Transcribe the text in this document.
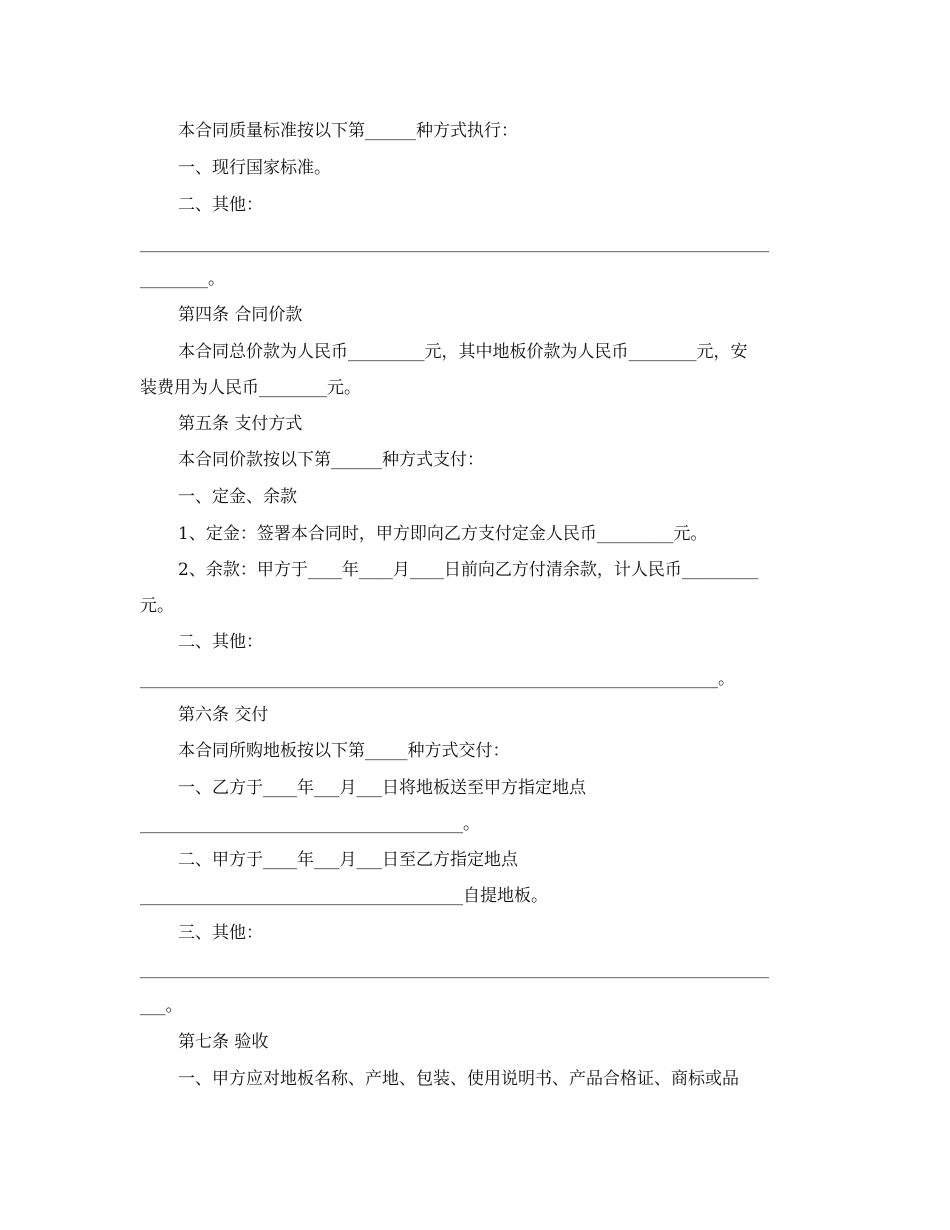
本合同质量标准按以下第______种方式执行：
一、现行国家标准。
二、其他：
__________________________________________________________________________
________。
第四条 合同价款
本合同总价款为人民币_________元，其中地板价款为人民币________元，安
装费用为人民币________元。
第五条 支付方式
本合同价款按以下第______种方式支付：
一、定金、余款
1、定金：签署本合同时，甲方即向乙方支付定金人民币_________元。
2、余款：甲方于____年____月____日前向乙方付清余款，计人民币_________
元。
二、其他：
____________________________________________________________________。
第六条 交付
本合同所购地板按以下第_____种方式交付：
一、乙方于____年___月___日将地板送至甲方指定地点
______________________________________。
二、甲方于____年___月___日至乙方指定地点
______________________________________自提地板。
三、其他：
__________________________________________________________________________
___。
第七条 验收
一、甲方应对地板名称、产地、包装、使用说明书、产品合格证、商标或品
